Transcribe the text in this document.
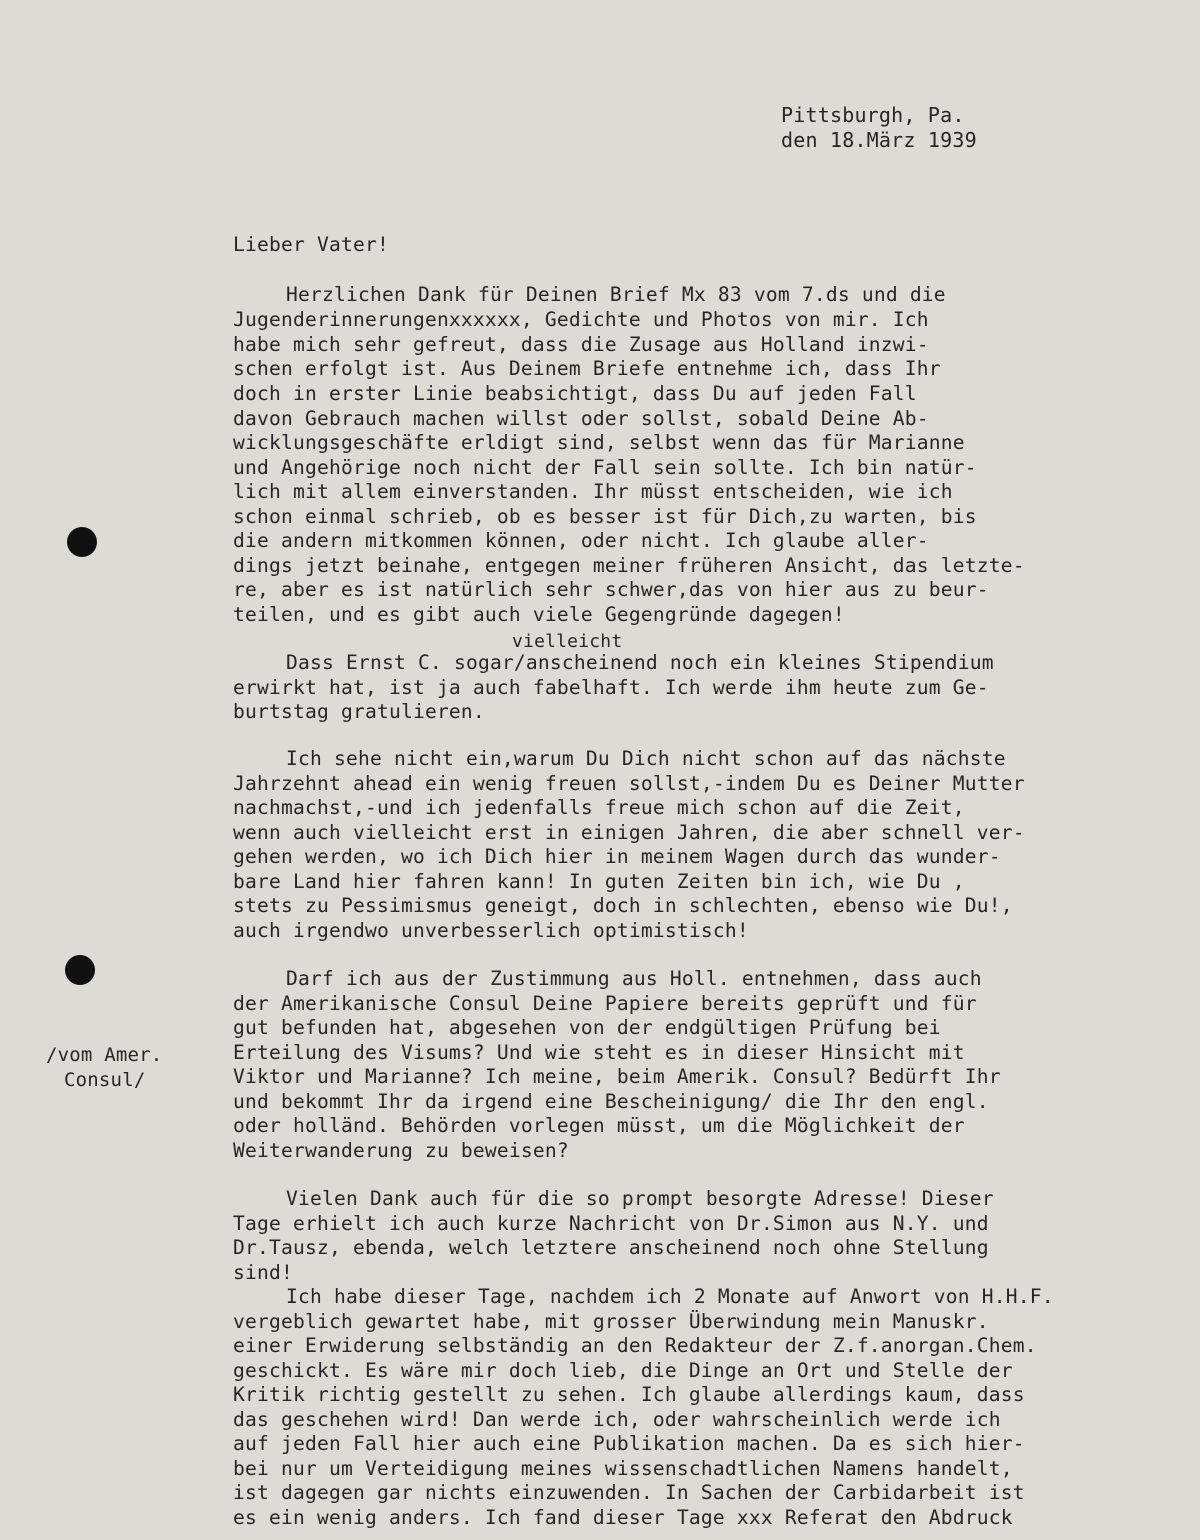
Pittsburgh, Pa.
den 18.März 1939
Lieber Vater!
Herzlichen Dank für Deinen Brief Mx 83 vom 7.ds und die
Jugenderinnerungenxxxxxx, Gedichte und Photos von mir. Ich
habe mich sehr gefreut, dass die Zusage aus Holland inzwi-
schen erfolgt ist. Aus Deinem Briefe entnehme ich, dass Ihr
doch in erster Linie beabsichtigt, dass Du auf jeden Fall
davon Gebrauch machen willst oder sollst, sobald Deine Ab-
wicklungsgeschäfte erldigt sind, selbst wenn das für Marianne
und Angehörige noch nicht der Fall sein sollte. Ich bin natür-
lich mit allem einverstanden. Ihr müsst entscheiden, wie ich
schon einmal schrieb, ob es besser ist für Dich,zu warten, bis
die andern mitkommen können, oder nicht. Ich glaube aller-
dings jetzt beinahe, entgegen meiner früheren Ansicht, das letzte-
re, aber es ist natürlich sehr schwer,das von hier aus zu beur-
teilen, und es gibt auch viele Gegengründe dagegen!
vielleicht
Dass Ernst C. sogar/anscheinend noch ein kleines Stipendium
erwirkt hat, ist ja auch fabelhaft. Ich werde ihm heute zum Ge-
burtstag gratulieren.
Ich sehe nicht ein,warum Du Dich nicht schon auf das nächste
Jahrzehnt ahead ein wenig freuen sollst,-indem Du es Deiner Mutter
nachmachst,-und ich jedenfalls freue mich schon auf die Zeit,
wenn auch vielleicht erst in einigen Jahren, die aber schnell ver-
gehen werden, wo ich Dich hier in meinem Wagen durch das wunder-
bare Land hier fahren kann! In guten Zeiten bin ich, wie Du ,
stets zu Pessimismus geneigt, doch in schlechten, ebenso wie Du!,
auch irgendwo unverbesserlich optimistisch!
Darf ich aus der Zustimmung aus Holl. entnehmen, dass auch
der Amerikanische Consul Deine Papiere bereits geprüft und für
gut befunden hat, abgesehen von der endgültigen Prüfung bei
Erteilung des Visums? Und wie steht es in dieser Hinsicht mit
Viktor und Marianne? Ich meine, beim Amerik. Consul? Bedürft Ihr
und bekommt Ihr da irgend eine Bescheinigung/ die Ihr den engl.
oder holländ. Behörden vorlegen müsst, um die Möglichkeit der
Weiterwanderung zu beweisen?
Vielen Dank auch für die so prompt besorgte Adresse! Dieser
Tage erhielt ich auch kurze Nachricht von Dr.Simon aus N.Y. und
Dr.Tausz, ebenda, welch letztere anscheinend noch ohne Stellung
sind!
Ich habe dieser Tage, nachdem ich 2 Monate auf Anwort von H.H.F.
vergeblich gewartet habe, mit grosser Überwindung mein Manuskr.
einer Erwiderung selbständig an den Redakteur der Z.f.anorgan.Chem.
geschickt. Es wäre mir doch lieb, die Dinge an Ort und Stelle der
Kritik richtig gestellt zu sehen. Ich glaube allerdings kaum, dass
das geschehen wird! Dan werde ich, oder wahrscheinlich werde ich
auf jeden Fall hier auch eine Publikation machen. Da es sich hier-
bei nur um Verteidigung meines wissenschadtlichen Namens handelt,
ist dagegen gar nichts einzuwenden. In Sachen der Carbidarbeit ist
es ein wenig anders. Ich fand dieser Tage xxx Referat den Abdruck
/vom Amer.
Consul/
